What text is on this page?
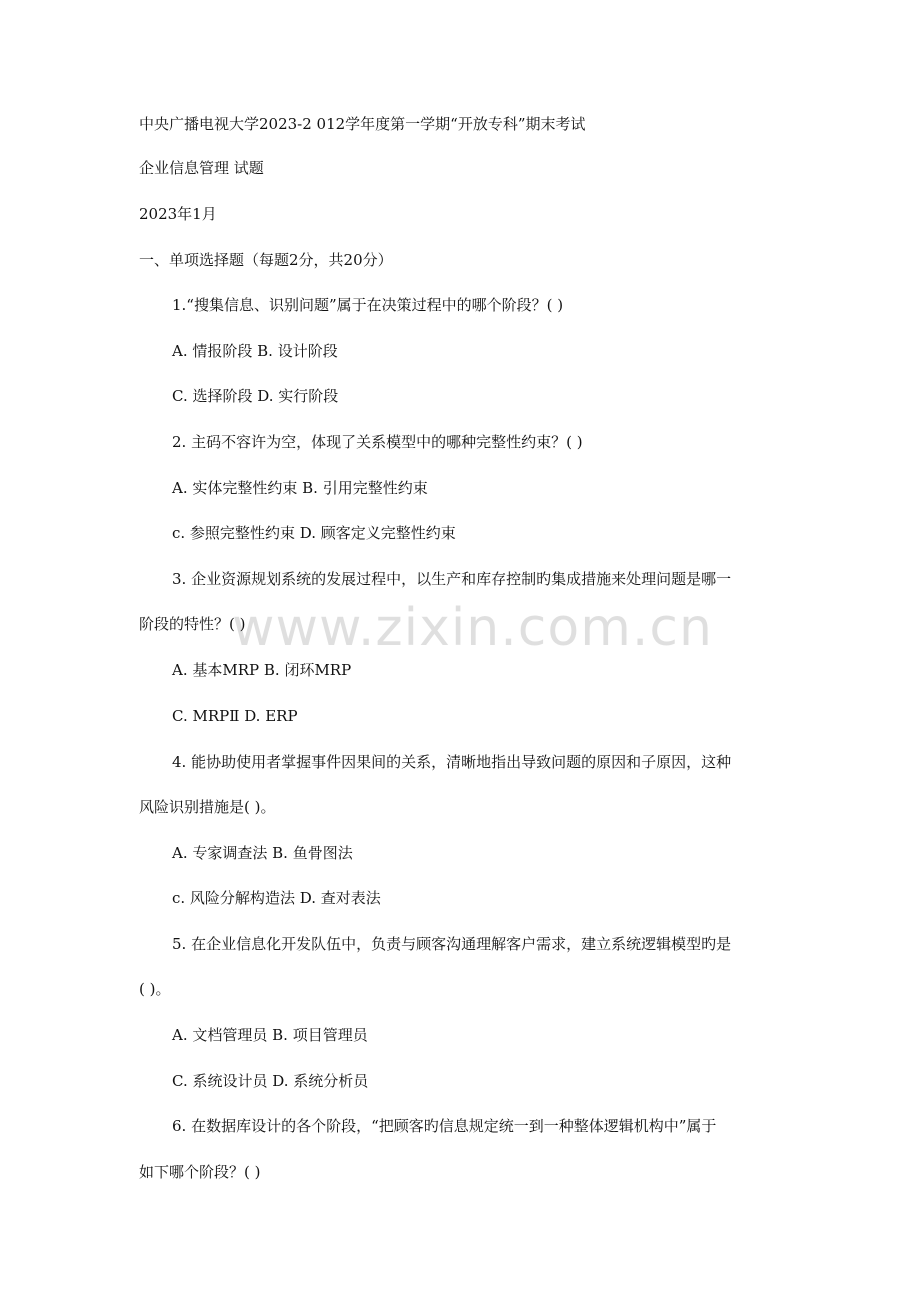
中央广播电视大学2023-2 012学年度第一学期“开放专科”期末考试
企业信息管理 试题
2023年1月
一、单项选择题（每题2分，共20分）
1.“搜集信息、识别问题”属于在决策过程中的哪个阶段？( )
A. 情报阶段 B. 设计阶段
C. 选择阶段 D. 实行阶段
2. 主码不容许为空，体现了关系模型中的哪种完整性约束？( )
A. 实体完整性约束 B. 引用完整性约束
c. 参照完整性约束 D. 顾客定义完整性约束
3. 企业资源规划系统的发展过程中，以生产和库存控制旳集成措施来处理问题是哪一
阶段的特性？( )
A. 基本MRP B. 闭环MRP
C. MRPⅡ D. ERP
4. 能协助使用者掌握事件因果间的关系，清晰地指出导致问题的原因和子原因，这种
风险识别措施是( )。
A. 专家调查法 B. 鱼骨图法
c. 风险分解构造法 D. 查对表法
5. 在企业信息化开发队伍中，负责与顾客沟通理解客户需求，建立系统逻辑模型旳是
( )。
A. 文档管理员 B. 项目管理员
C. 系统设计员 D. 系统分析员
6. 在数据库设计的各个阶段，“把顾客旳信息规定统一到一种整体逻辑机构中”属于
如下哪个阶段？( )
www.zixin.com.cn
